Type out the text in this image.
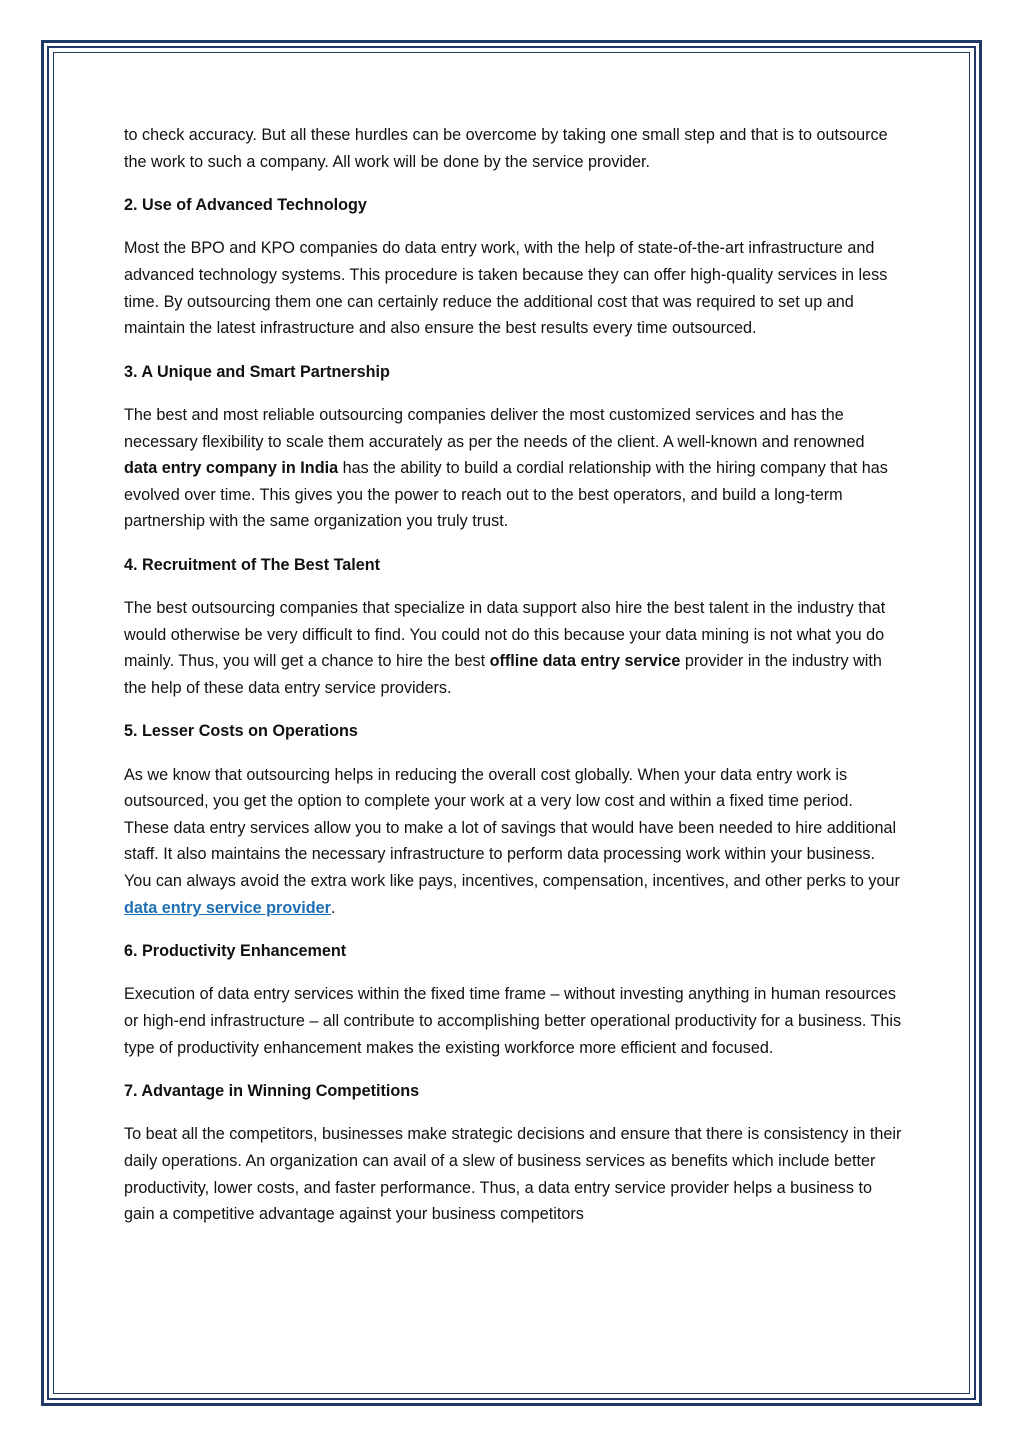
to check accuracy. But all these hurdles can be overcome by taking one small step and that is to outsource the work to such a company. All work will be done by the service provider.

2. Use of Advanced Technology

Most the BPO and KPO companies do data entry work, with the help of state-of-the-art infrastructure and advanced technology systems. This procedure is taken because they can offer high-quality services in less time. By outsourcing them one can certainly reduce the additional cost that was required to set up and maintain the latest infrastructure and also ensure the best results every time outsourced.

3. A Unique and Smart Partnership

The best and most reliable outsourcing companies deliver the most customized services and has the necessary flexibility to scale them accurately as per the needs of the client. A well-known and renowned data entry company in India has the ability to build a cordial relationship with the hiring company that has evolved over time. This gives you the power to reach out to the best operators, and build a long-term partnership with the same organization you truly trust.

4. Recruitment of The Best Talent

The best outsourcing companies that specialize in data support also hire the best talent in the industry that would otherwise be very difficult to find. You could not do this because your data mining is not what you do mainly. Thus, you will get a chance to hire the best offline data entry service provider in the industry with the help of these data entry service providers.

5. Lesser Costs on Operations

As we know that outsourcing helps in reducing the overall cost globally. When your data entry work is outsourced, you get the option to complete your work at a very low cost and within a fixed time period. These data entry services allow you to make a lot of savings that would have been needed to hire additional staff. It also maintains the necessary infrastructure to perform data processing work within your business. You can always avoid the extra work like pays, incentives, compensation, incentives, and other perks to your data entry service provider.

6. Productivity Enhancement

Execution of data entry services within the fixed time frame – without investing anything in human resources or high-end infrastructure – all contribute to accomplishing better operational productivity for a business. This type of productivity enhancement makes the existing workforce more efficient and focused.

7. Advantage in Winning Competitions

To beat all the competitors, businesses make strategic decisions and ensure that there is consistency in their daily operations. An organization can avail of a slew of business services as benefits which include better productivity, lower costs, and faster performance. Thus, a data entry service provider helps a business to gain a competitive advantage against your business competitors
